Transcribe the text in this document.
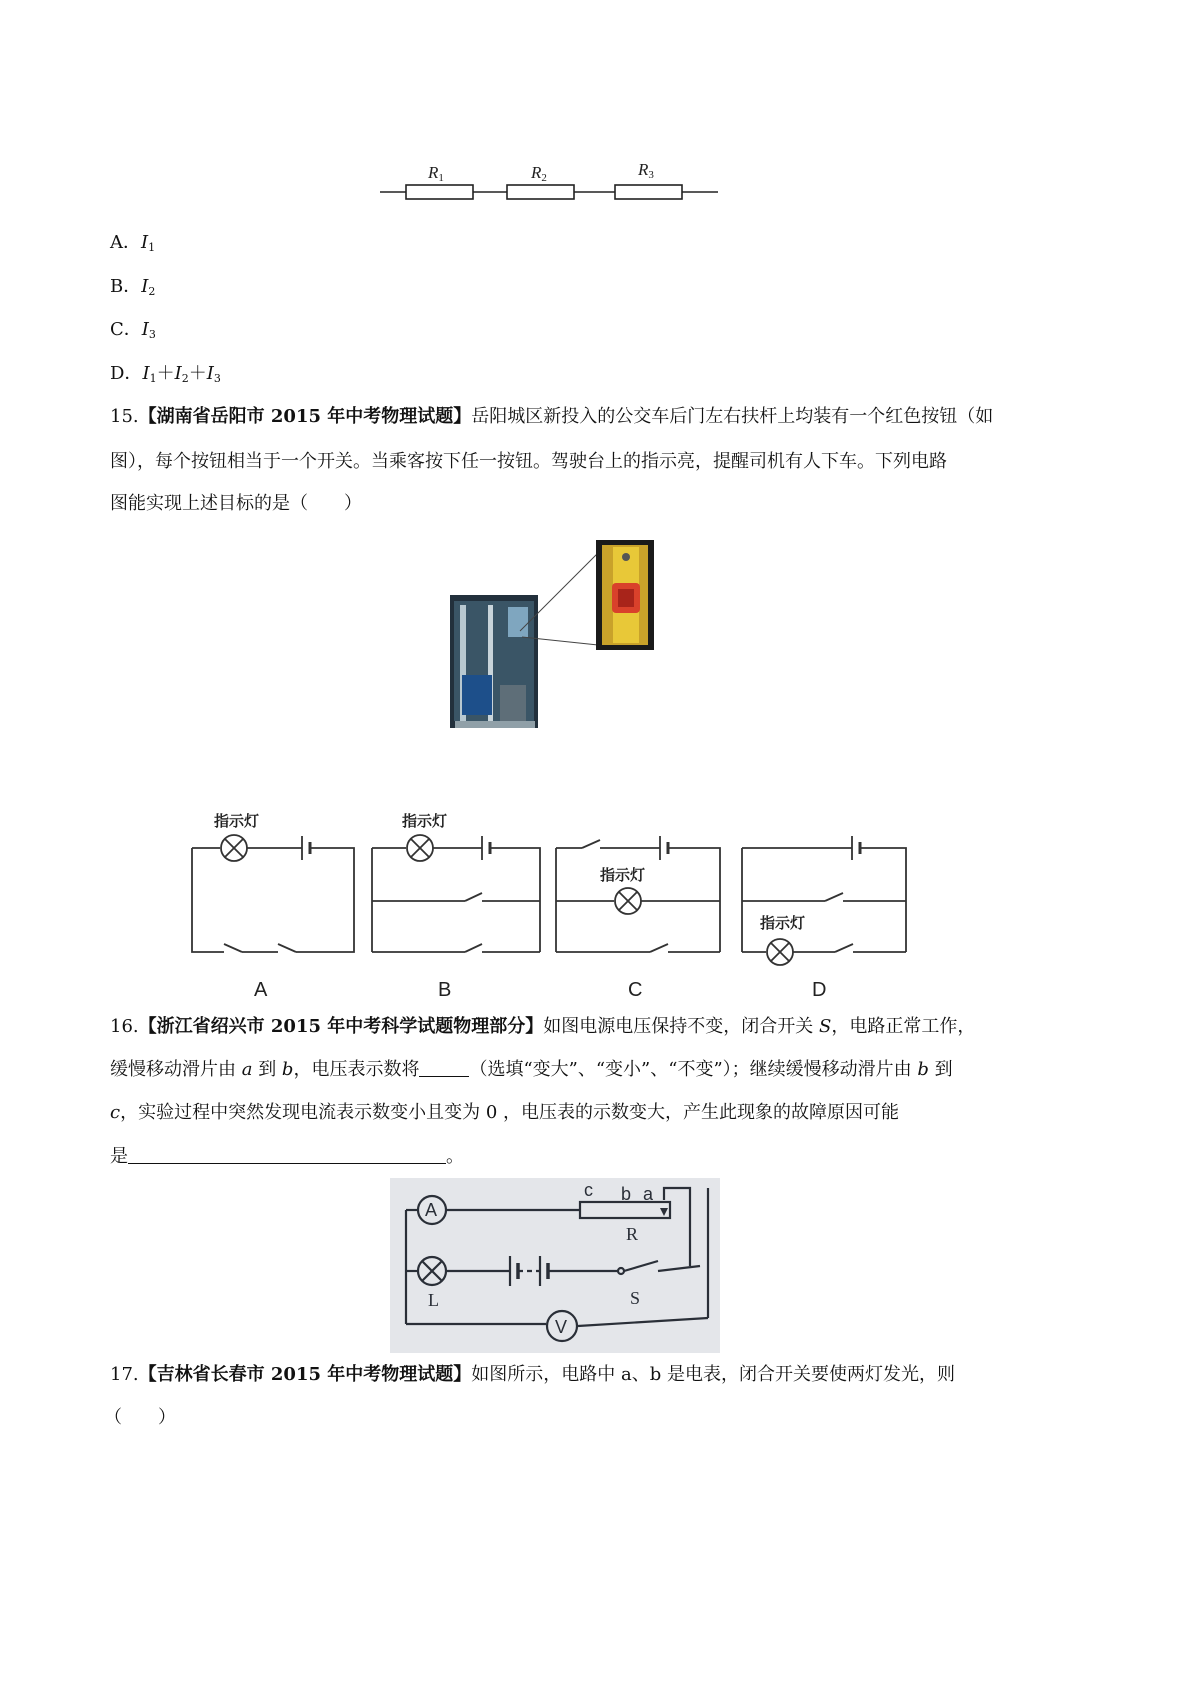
R1	R2	R3
A．$I_1$
B．$I_2$
C．$I_3$
D．$I_1+I_2+I_3$
15.【湖南省岳阳市 2015 年中考物理试题】岳阳城区新投入的公交车后门左右扶杆上均装有一个红色按钮（如
图），每个按钮相当于一个开关。当乘客按下任一按钮。驾驶台上的指示亮，提醒司机有人下车。下列电路
图能实现上述目标的是（　　）
指示灯	指示灯
指示灯
指示灯
A	B	C	D
16.【浙江省绍兴市 2015 年中考科学试题物理部分】如图电源电压保持不变，闭合开关 S，电路正常工作，
缓慢移动滑片由 a 到 b，电压表示数将	（选填“变大”、“变小”、“不变”）；继续缓慢移动滑片由 b 到
c，实验过程中突然发现电流表示数变小且变为 0 ，电压表的示数变大，产生此现象的故障原因可能
是	。
A
V
L	S
R
c b a
17.【吉林省长春市 2015 年中考物理试题】如图所示，电路中 a、b 是电表，闭合开关要使两灯发光，则
（　　）
